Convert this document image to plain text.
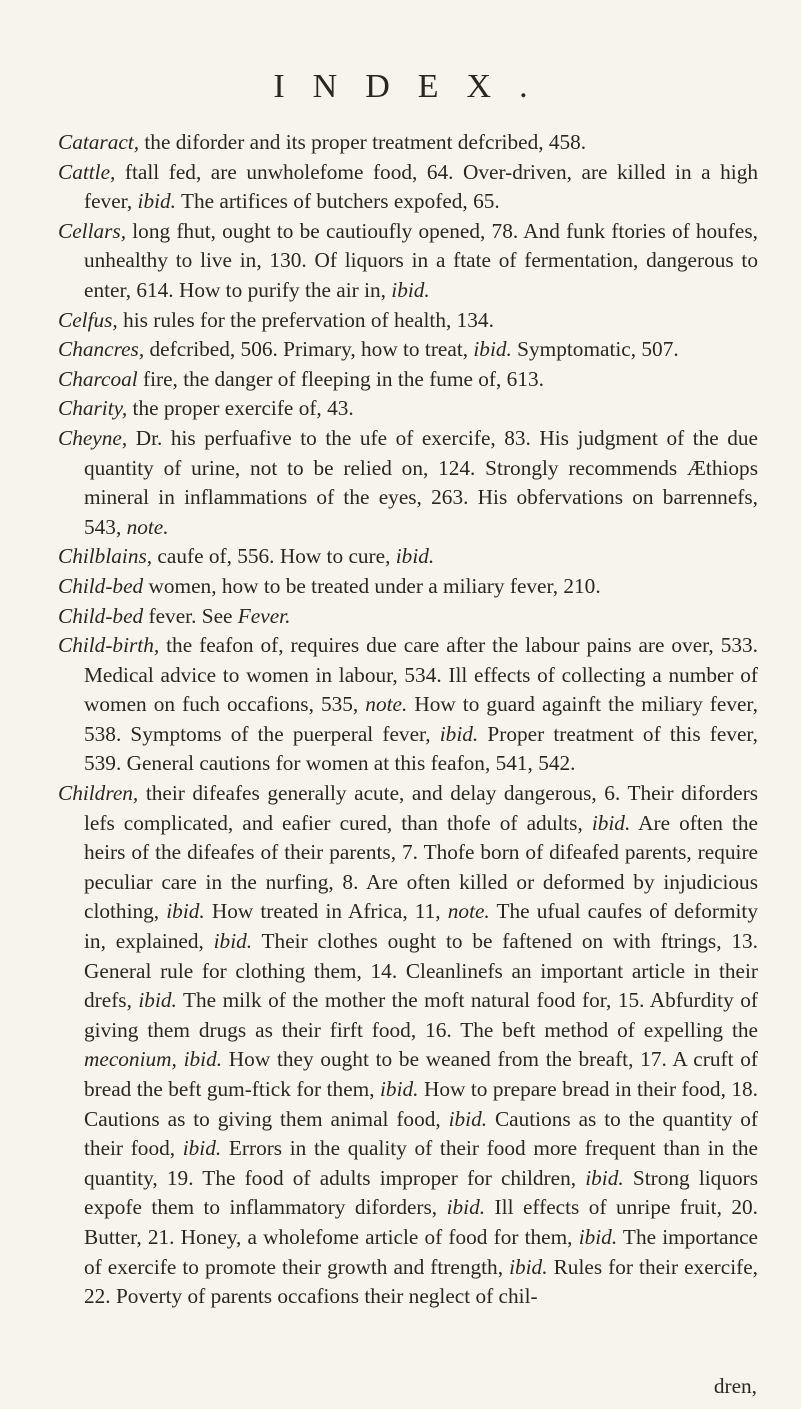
INDEX.

Cataract, the diforder and its proper treatment defcribed, 458.

Cattle, ftall fed, are unwholefome food, 64. Over-driven, are killed in a high fever, ibid. The artifices of butchers expofed, 65.

Cellars, long fhut, ought to be cautioufly opened, 78. And funk ftories of houfes, unhealthy to live in, 130. Of liquors in a ftate of fermentation, dangerous to enter, 614. How to purify the air in, ibid.

Celfus, his rules for the prefervation of health, 134.

Chancres, defcribed, 506. Primary, how to treat, ibid. Symptomatic, 507.

Charcoal fire, the danger of fleeping in the fume of, 613.

Charity, the proper exercife of, 43.

Cheyne, Dr. his perfuafive to the ufe of exercife, 83. His judgment of the due quantity of urine, not to be relied on, 124. Strongly recommends Æthiops mineral in inflammations of the eyes, 263. His obfervations on barrennefs, 543, note.

Chilblains, caufe of, 556. How to cure, ibid.

Child-bed women, how to be treated under a miliary fever, 210.

Child-bed fever. See Fever.

Child-birth, the feafon of, requires due care after the labour pains are over, 533. Medical advice to women in labour, 534. Ill effects of collecting a number of women on fuch occafions, 535, note. How to guard againft the miliary fever, 538. Symptoms of the puerperal fever, ibid. Proper treatment of this fever, 539. General cautions for women at this feafon, 541, 542.

Children, their difeafes generally acute, and delay dangerous, 6. Their diforders lefs complicated, and eafier cured, than thofe of adults, ibid. Are often the heirs of the difeafes of their parents, 7. Thofe born of difeafed parents, require peculiar care in the nurfing, 8. Are often killed or deformed by injudicious clothing, ibid. How treated in Africa, 11, note. The ufual caufes of deformity in, explained, ibid. Their clothes ought to be faftened on with ftrings, 13. General rule for clothing them, 14. Cleanlinefs an important article in their drefs, ibid. The milk of the mother the moft natural food for, 15. Abfurdity of giving them drugs as their firft food, 16. The beft method of expelling the meconium, ibid. How they ought to be weaned from the breaft, 17. A cruft of bread the beft gum-ftick for them, ibid. How to prepare bread in their food, 18. Cautions as to giving them animal food, ibid. Cautions as to the quantity of their food, ibid. Errors in the quality of their food more frequent than in the quantity, 19. The food of adults improper for children, ibid. Strong liquors expofe them to inflammatory diforders, ibid. Ill effects of unripe fruit, 20. Butter, 21. Honey, a wholefome article of food for them, ibid. The importance of exercife to promote their growth and ftrength, ibid. Rules for their exercife, 22. Poverty of parents occafions their neglect of chil-

dren,
